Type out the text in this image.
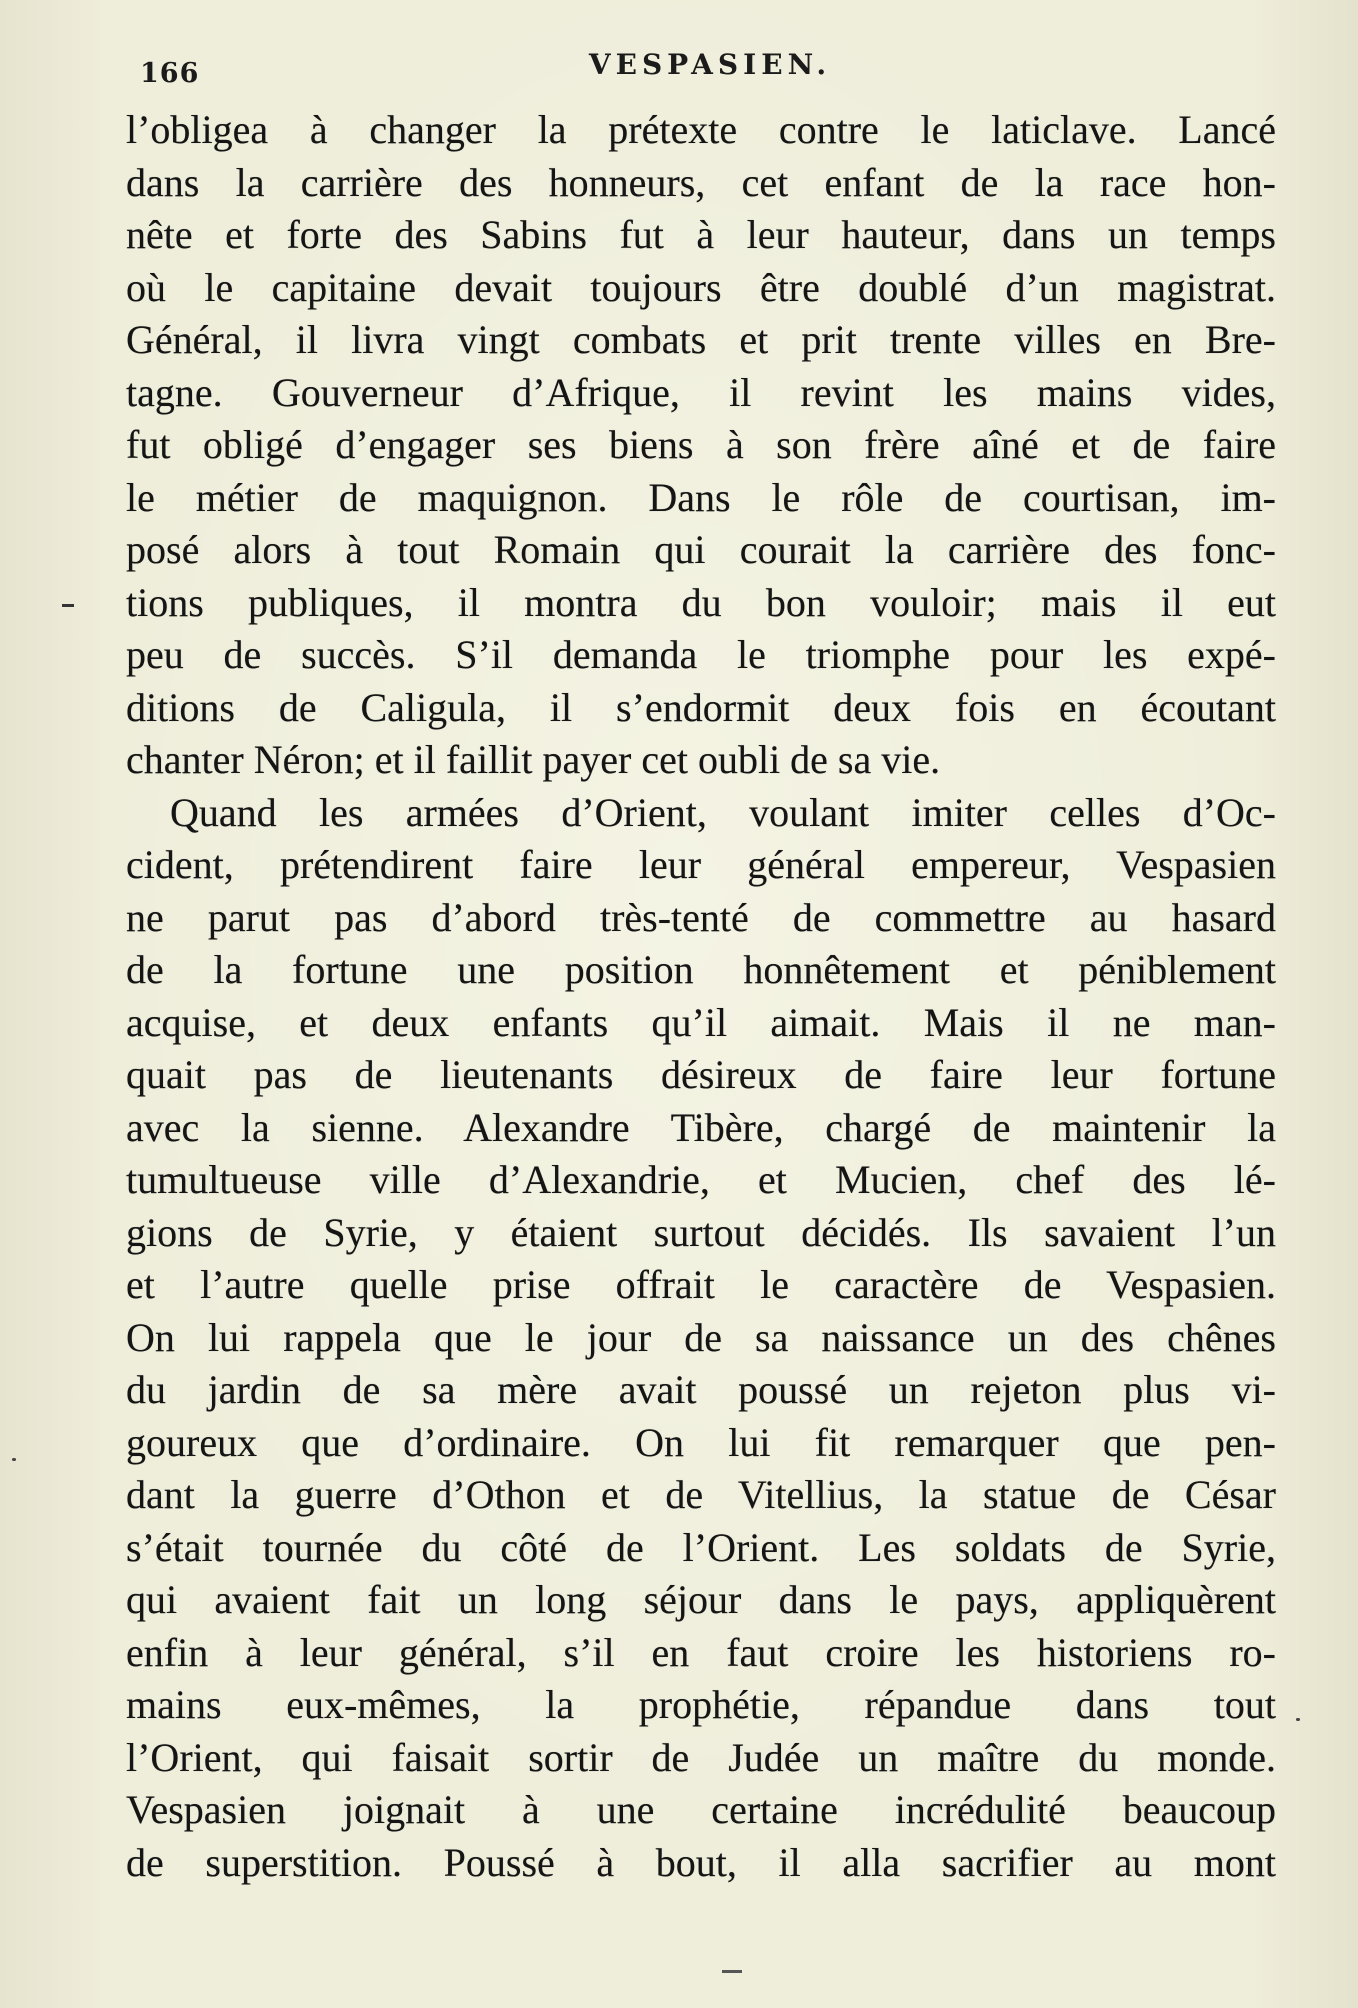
166	VESPASIEN.
l’obligea à changer la prétexte contre le laticlave. Lancé
dans la carrière des honneurs, cet enfant de la race hon-
nête et forte des Sabins fut à leur hauteur, dans un temps
où le capitaine devait toujours être doublé d’un magistrat.
Général, il livra vingt combats et prit trente villes en Bre-
tagne. Gouverneur d’Afrique, il revint les mains vides,
fut obligé d’engager ses biens à son frère aîné et de faire
le métier de maquignon. Dans le rôle de courtisan, im-
posé alors à tout Romain qui courait la carrière des fonc-
tions publiques, il montra du bon vouloir; mais il eut
peu de succès. S’il demanda le triomphe pour les expé-
ditions de Caligula, il s’endormit deux fois en écoutant
chanter Néron; et il faillit payer cet oubli de sa vie.
Quand les armées d’Orient, voulant imiter celles d’Oc-
cident, prétendirent faire leur général empereur, Vespasien
ne parut pas d’abord très-tenté de commettre au hasard
de la fortune une position honnêtement et péniblement
acquise, et deux enfants qu’il aimait. Mais il ne man-
quait pas de lieutenants désireux de faire leur fortune
avec la sienne. Alexandre Tibère, chargé de maintenir la
tumultueuse ville d’Alexandrie, et Mucien, chef des lé-
gions de Syrie, y étaient surtout décidés. Ils savaient l’un
et l’autre quelle prise offrait le caractère de Vespasien.
On lui rappela que le jour de sa naissance un des chênes
du jardin de sa mère avait poussé un rejeton plus vi-
goureux que d’ordinaire. On lui fit remarquer que pen-
dant la guerre d’Othon et de Vitellius, la statue de César
s’était tournée du côté de l’Orient. Les soldats de Syrie,
qui avaient fait un long séjour dans le pays, appliquèrent
enfin à leur général, s’il en faut croire les historiens ro-
mains eux-mêmes, la prophétie, répandue dans tout
l’Orient, qui faisait sortir de Judée un maître du monde.
Vespasien joignait à une certaine incrédulité beaucoup
de superstition. Poussé à bout, il alla sacrifier au mont
